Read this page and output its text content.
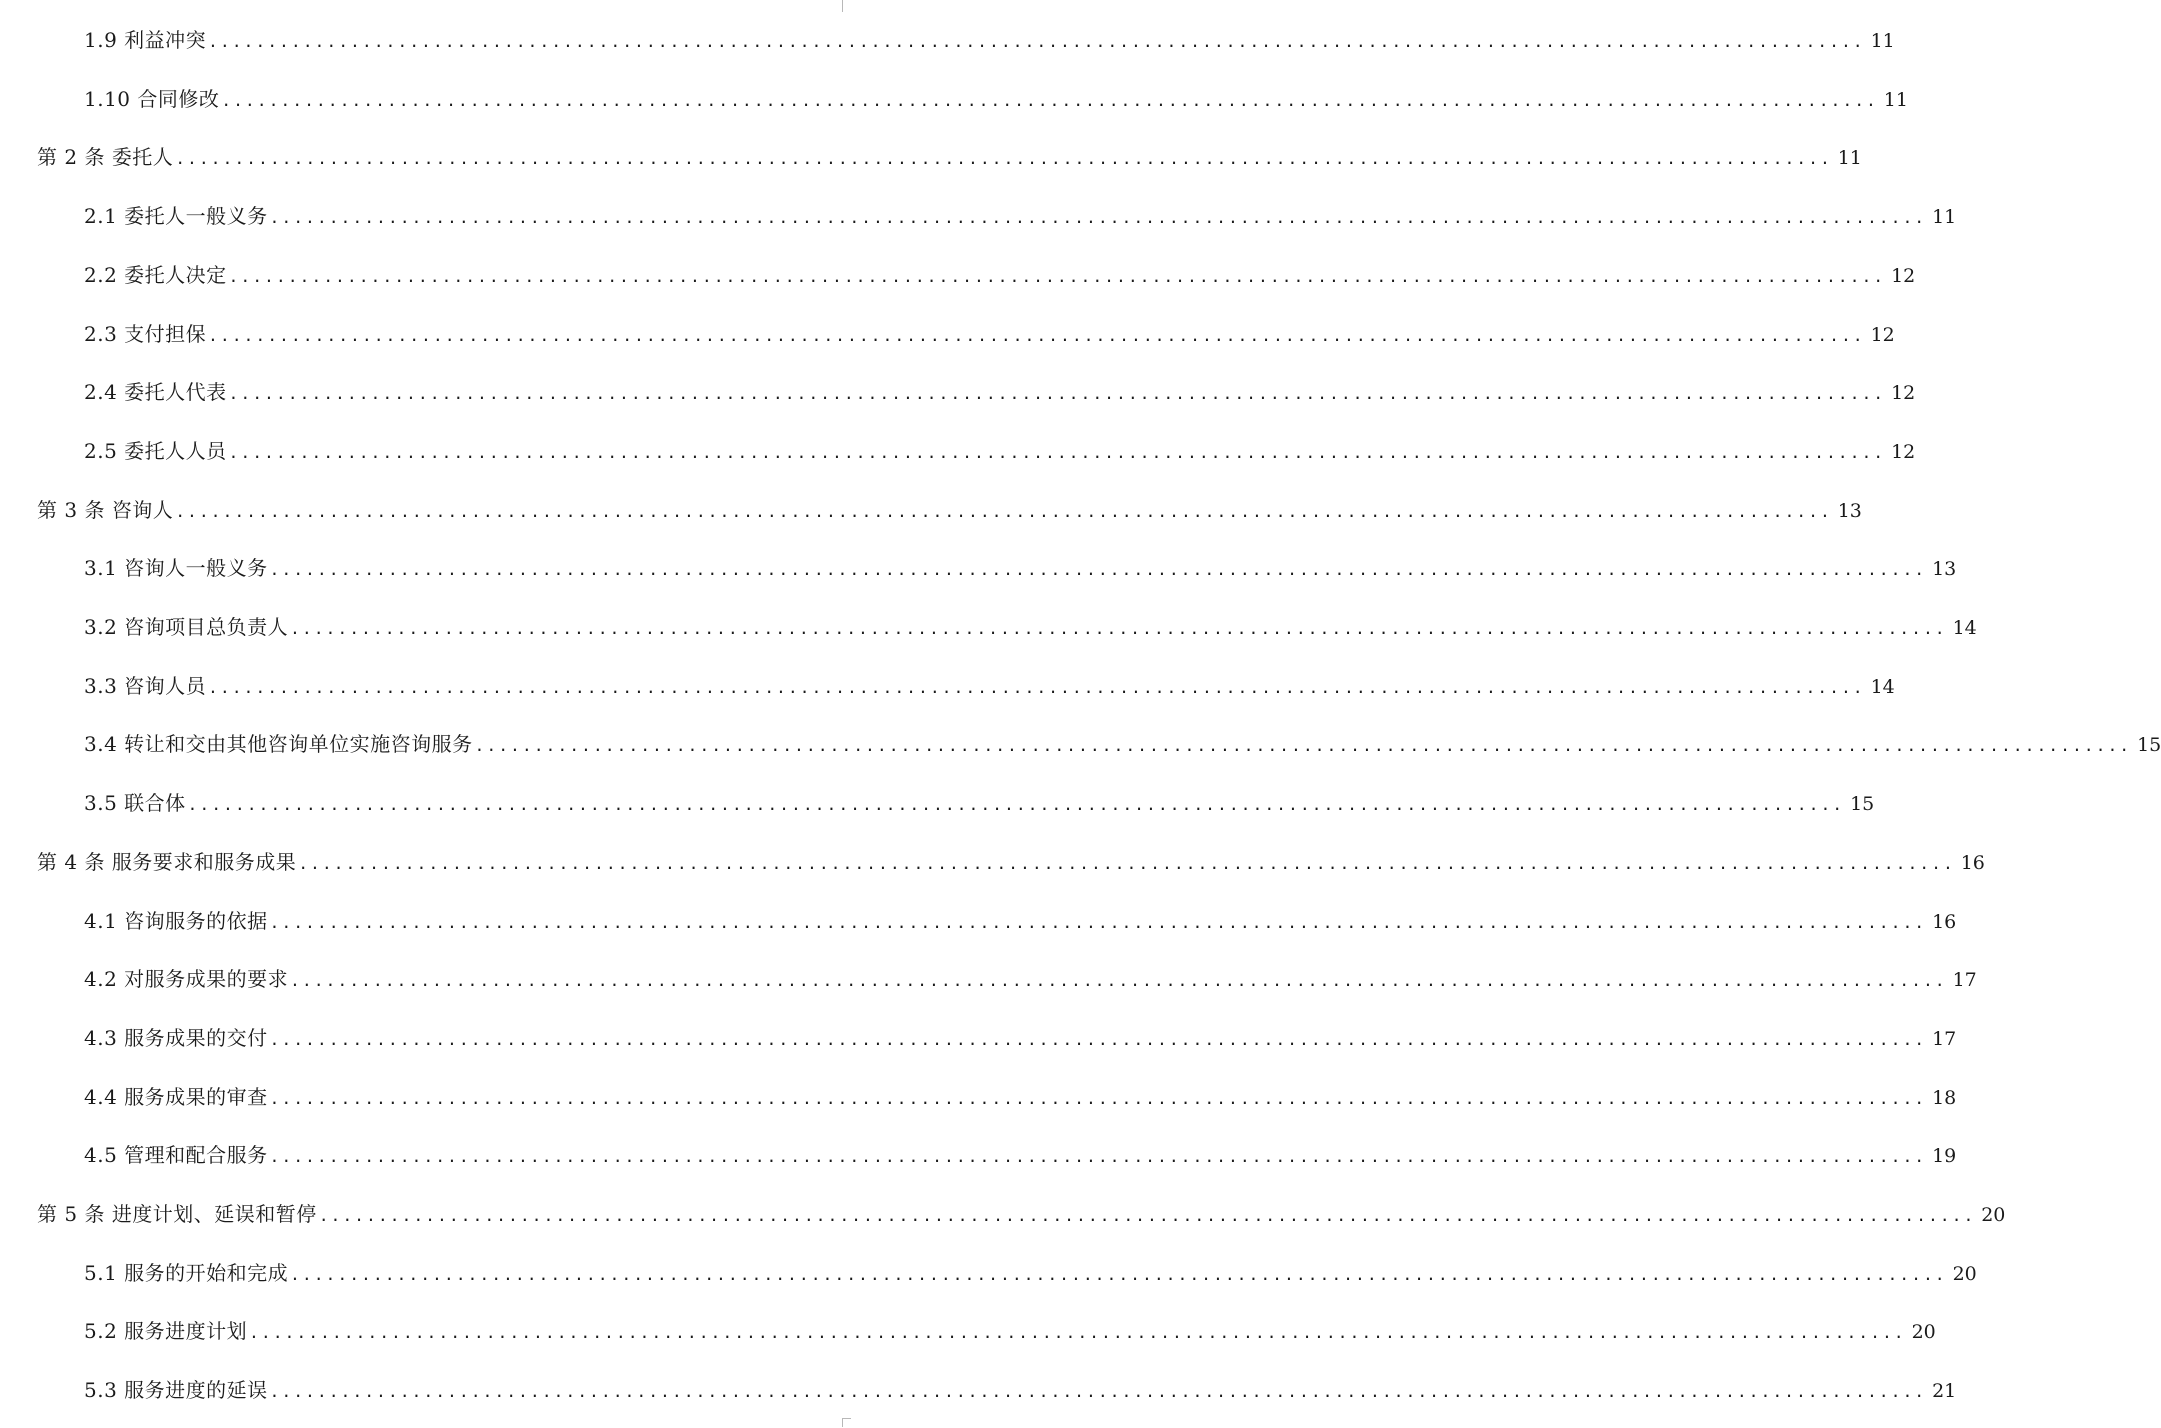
1.9 利益冲突 ............................................................................................................................................ 11
1.10 合同修改 ............................................................................................................................................ 11
第 2 条 委托人 ............................................................................................................................................ 11
2.1 委托人一般义务 ............................................................................................................................................ 11
2.2 委托人决定 ............................................................................................................................................ 12
2.3 支付担保 ............................................................................................................................................ 12
2.4 委托人代表 ............................................................................................................................................ 12
2.5 委托人人员 ............................................................................................................................................ 12
第 3 条 咨询人 ............................................................................................................................................ 13
3.1 咨询人一般义务 ............................................................................................................................................ 13
3.2 咨询项目总负责人 ............................................................................................................................................ 14
3.3 咨询人员 ............................................................................................................................................ 14
3.4 转让和交由其他咨询单位实施咨询服务 ............................................................................................................................................ 15
3.5 联合体 ............................................................................................................................................ 15
第 4 条 服务要求和服务成果 ............................................................................................................................................ 16
4.1 咨询服务的依据 ............................................................................................................................................ 16
4.2 对服务成果的要求 ............................................................................................................................................ 17
4.3 服务成果的交付 ............................................................................................................................................ 17
4.4 服务成果的审查 ............................................................................................................................................ 18
4.5 管理和配合服务 ............................................................................................................................................ 19
第 5 条 进度计划、延误和暂停 ............................................................................................................................................ 20
5.1 服务的开始和完成 ............................................................................................................................................ 20
5.2 服务进度计划 ............................................................................................................................................ 20
5.3 服务进度的延误 ............................................................................................................................................ 21
